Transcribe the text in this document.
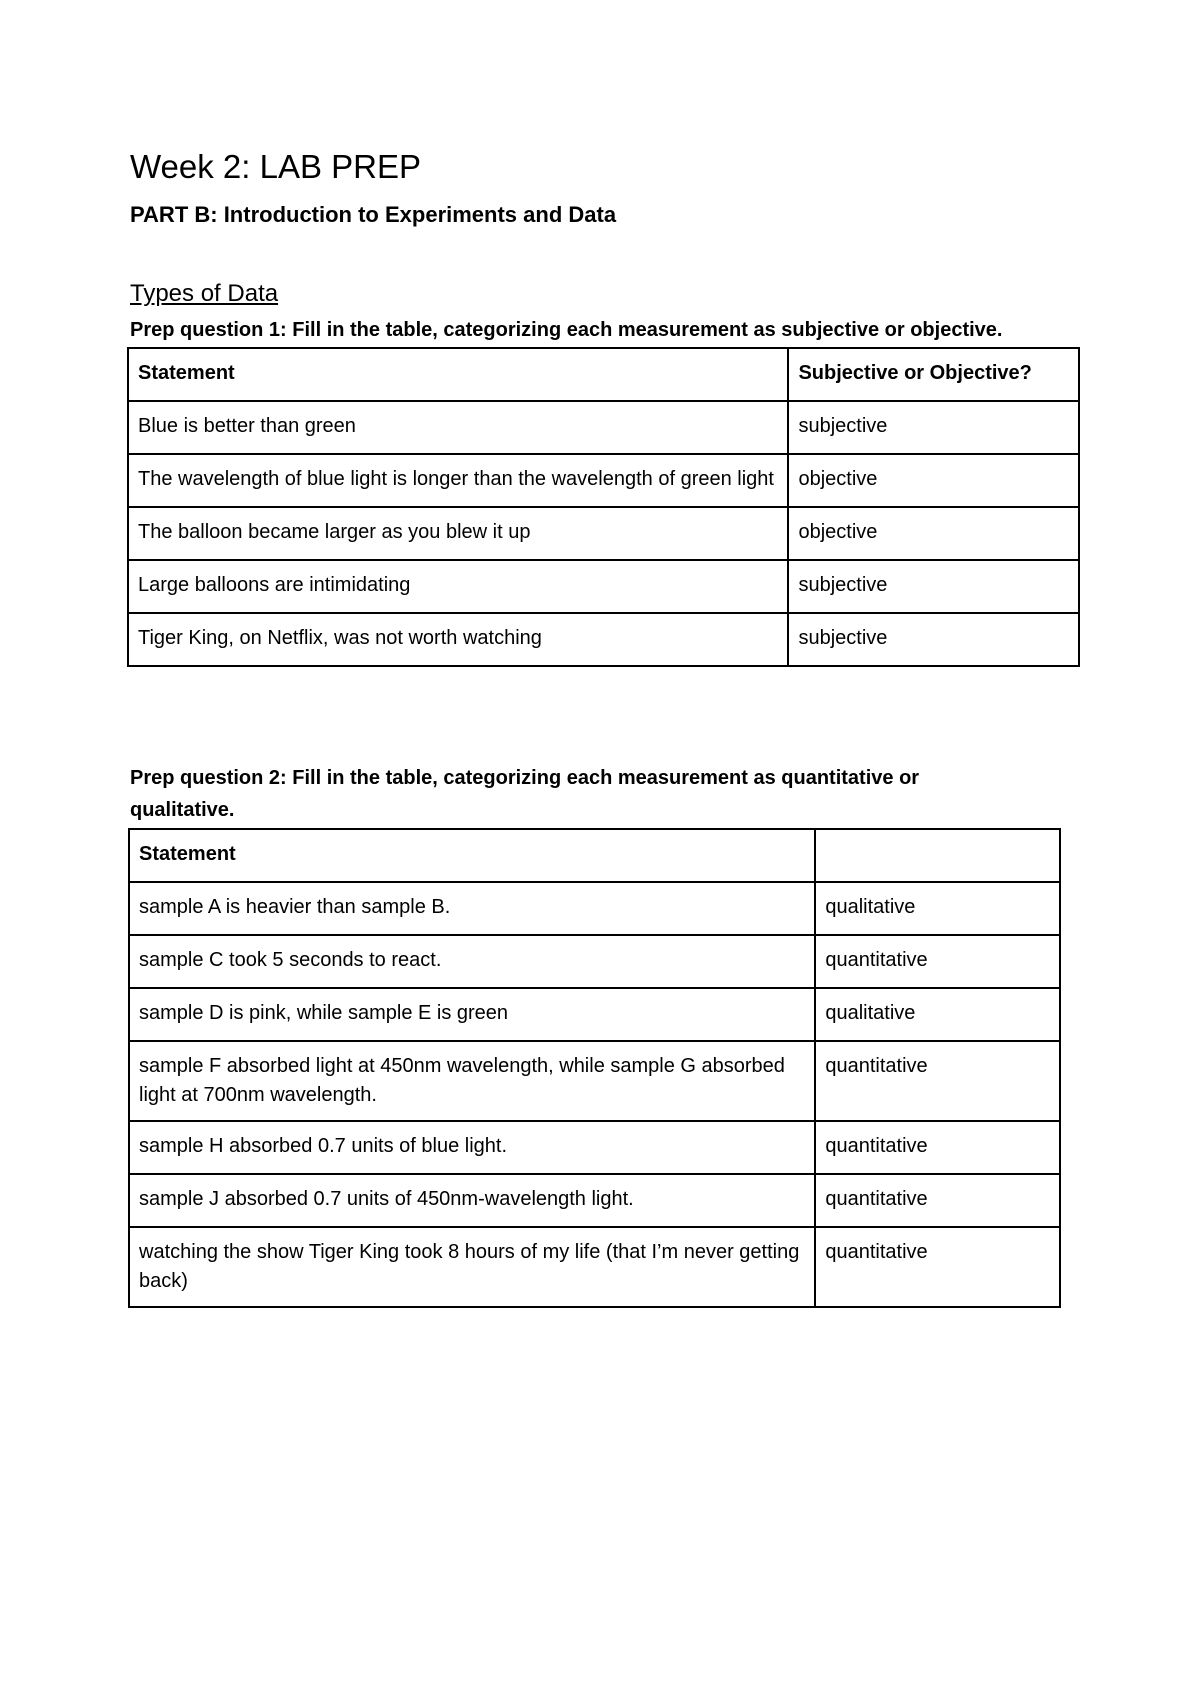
Week 2: LAB PREP
PART B: Introduction to Experiments and Data
Types of Data
Prep question 1: Fill in the table, categorizing each measurement as subjective or objective.
Statement	Subjective or Objective?
Blue is better than green	subjective
The wavelength of blue light is longer than the wavelength of green light	objective
The balloon became larger as you blew it up	objective
Large balloons are intimidating	subjective
Tiger King, on Netflix, was not worth watching	subjective
Prep question 2: Fill in the table, categorizing each measurement as quantitative or qualitative.
Statement	
sample A is heavier than sample B.	qualitative
sample C took 5 seconds to react.	quantitative
sample D is pink, while sample E is green	qualitative
sample F absorbed light at 450nm wavelength, while sample G absorbed light at 700nm wavelength.	quantitative
sample H absorbed 0.7 units of blue light.	quantitative
sample J absorbed 0.7 units of 450nm-wavelength light.	quantitative
watching the show Tiger King took 8 hours of my life (that I’m never getting back)	quantitative
